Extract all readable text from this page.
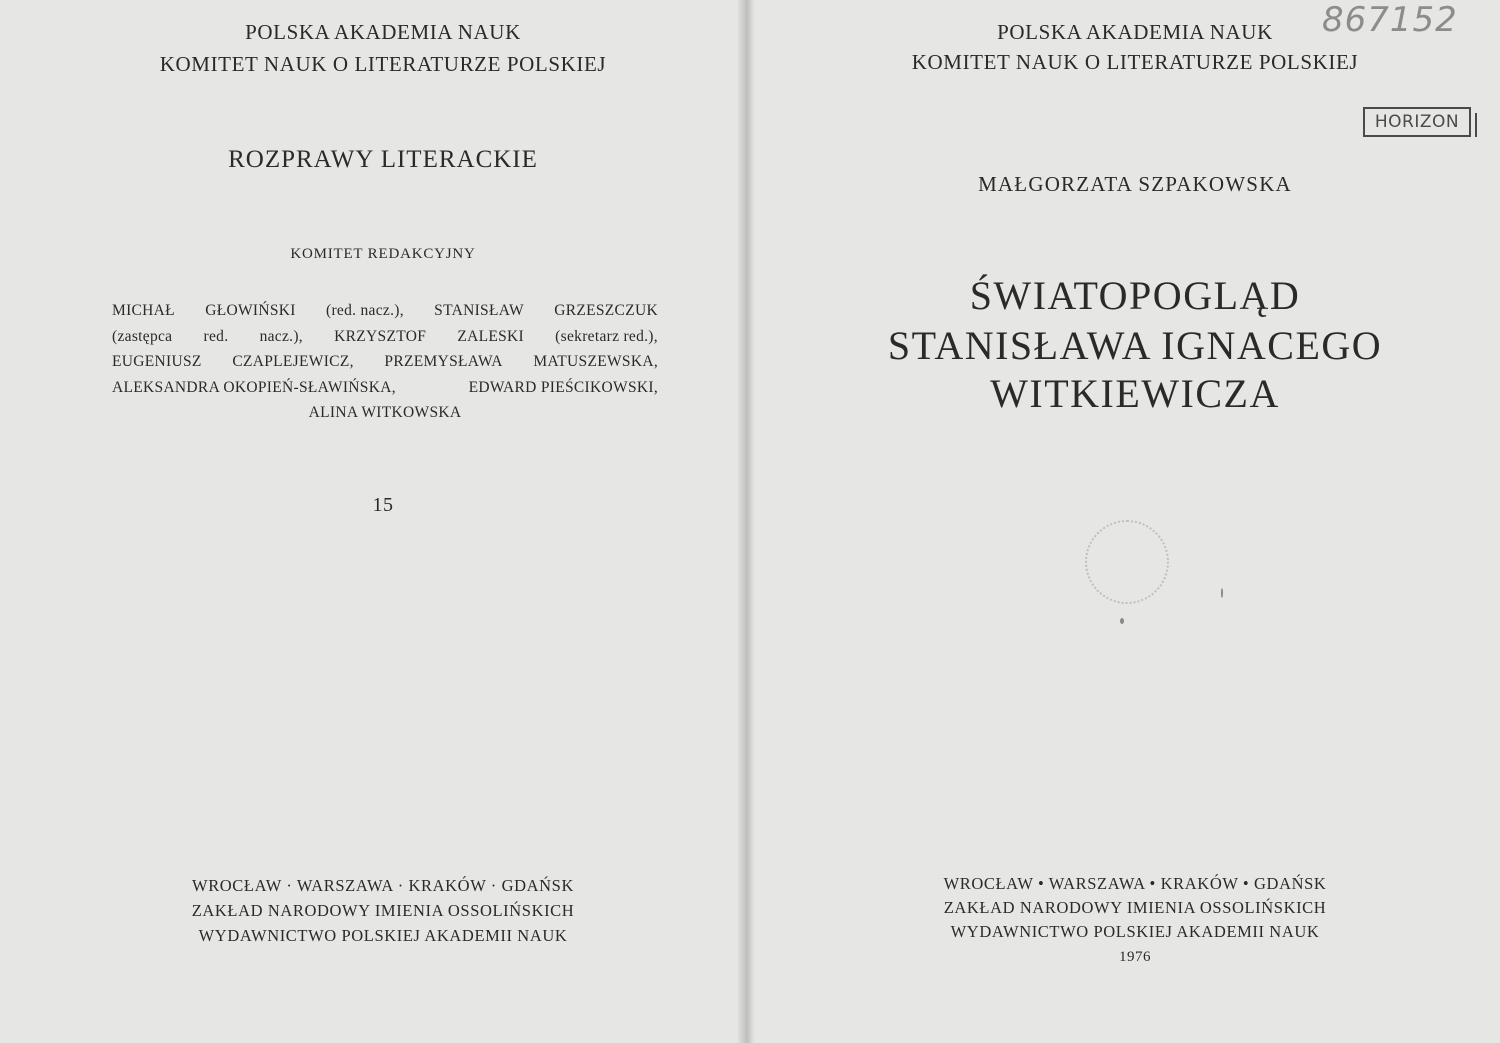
POLSKA AKADEMIA NAUK
KOMITET NAUK O LITERATURZE POLSKIEJ
ROZPRAWY LITERACKIE
KOMITET REDAKCYJNY
MICHAŁ GŁOWIŃSKI (red. nacz.), STANISŁAW GRZESZCZUK
(zastępca red. nacz.), KRZYSZTOF ZALESKI (sekretarz red.),
EUGENIUSZ CZAPLEJEWICZ, PRZEMYSŁAWA MATUSZEWSKA,
ALEKSANDRA OKOPIEŃ-SŁAWIŃSKA,	EDWARD PIEŚCIKOWSKI,
ALINA WITKOWSKA
15
WROCŁAW · WARSZAWA · KRAKÓW · GDAŃSK
ZAKŁAD NARODOWY IMIENIA OSSOLIŃSKICH
WYDAWNICTWO POLSKIEJ AKADEMII NAUK
867152
POLSKA AKADEMIA NAUK
KOMITET NAUK O LITERATURZE POLSKIEJ
HORIZON
MAŁGORZATA SZPAKOWSKA
ŚWIATOPOGLĄD
STANISŁAWA IGNACEGO
WITKIEWICZA
WROCŁAW • WARSZAWA • KRAKÓW • GDAŃSK
ZAKŁAD NARODOWY IMIENIA OSSOLIŃSKICH
WYDAWNICTWO POLSKIEJ AKADEMII NAUK
1976
